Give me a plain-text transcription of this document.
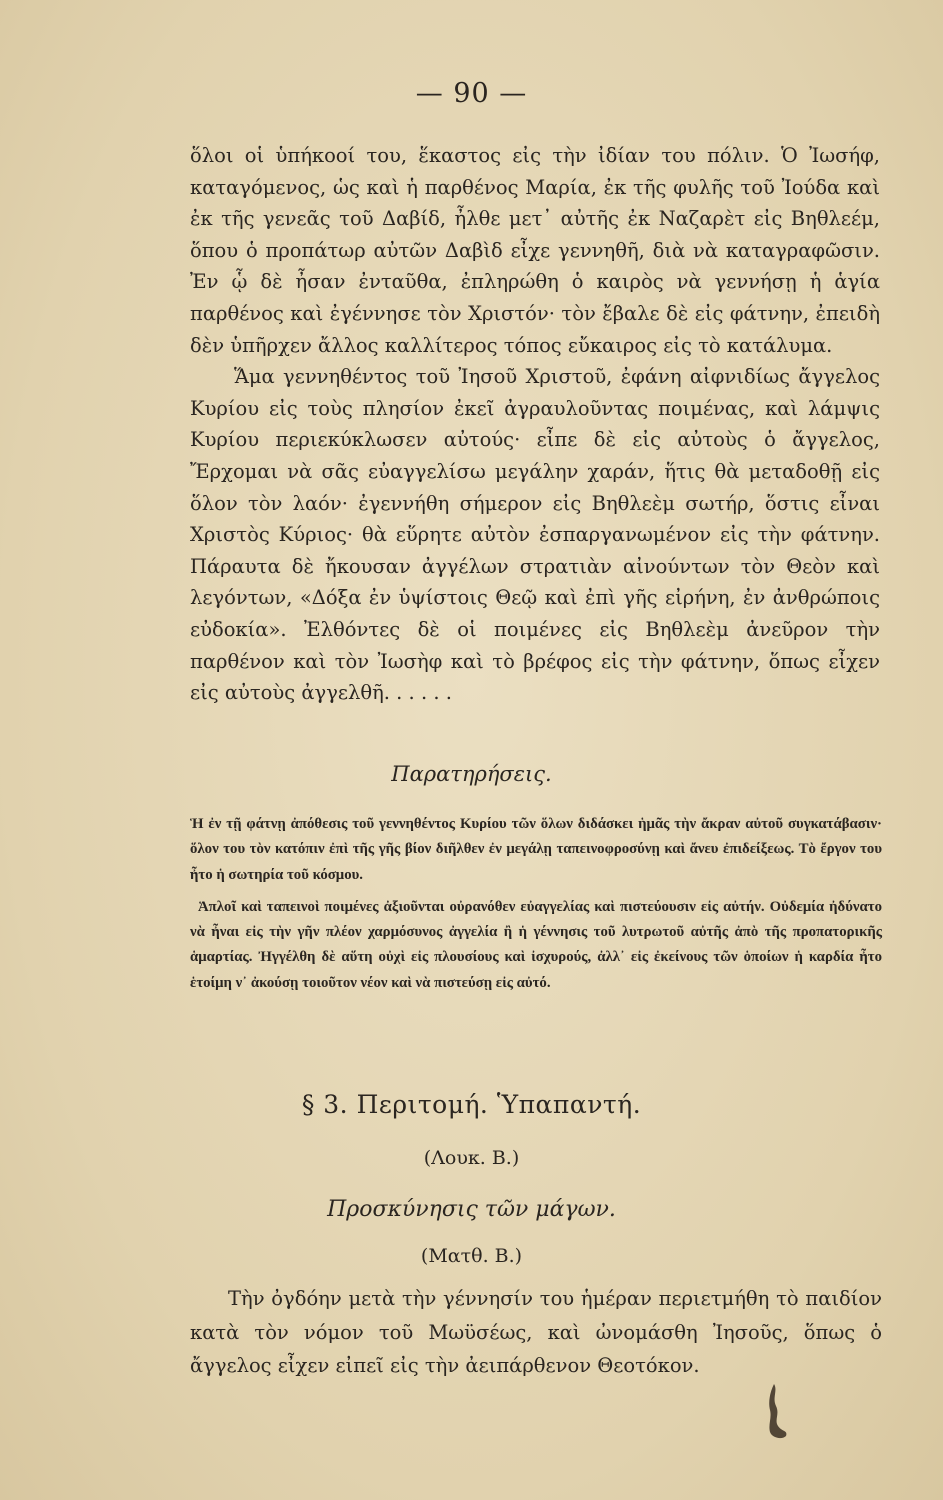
— 90 —

ὅλοι οἱ ὑπήκοοί του, ἕκαστος εἰς τὴν ἰδίαν του πόλιν. Ὁ Ἰωσήφ, καταγόμενος, ὡς καὶ ἡ παρθένος Μαρία, ἐκ τῆς φυλῆς τοῦ Ἰούδα καὶ ἐκ τῆς γενεᾶς τοῦ Δαβίδ, ἦλθε μετ᾽ αὐτῆς ἐκ Ναζαρὲτ εἰς Βηθλεέμ, ὅπου ὁ προπάτωρ αὐτῶν Δαβὶδ εἶχε γεννηθῆ, διὰ νὰ καταγραφῶσιν. Ἐν ᾧ δὲ ἦσαν ἐνταῦθα, ἐπληρώθη ὁ καιρὸς νὰ γεννήσῃ ἡ ἁγία παρθένος καὶ ἐγέννησε τὸν Χριστόν· τὸν ἔβαλε δὲ εἰς φάτνην, ἐπειδὴ δὲν ὑπῆρχεν ἄλλος καλλίτερος τόπος εὔκαιρος εἰς τὸ κατάλυμα.

Ἅμα γεννηθέντος τοῦ Ἰησοῦ Χριστοῦ, ἐφάνη αἰφνιδίως ἄγγελος Κυρίου εἰς τοὺς πλησίον ἐκεῖ ἀγραυλοῦντας ποιμένας, καὶ λάμψις Κυρίου περιεκύκλωσεν αὐτούς· εἶπε δὲ εἰς αὐτοὺς ὁ ἄγγελος, Ἔρχομαι νὰ σᾶς εὐαγγελίσω μεγάλην χαράν, ἥτις θὰ μεταδοθῇ εἰς ὅλον τὸν λαόν· ἐγεννήθη σήμερον εἰς Βηθλεὲμ σωτήρ, ὅστις εἶναι Χριστὸς Κύριος· θὰ εὕρητε αὐτὸν ἐσπαργανωμένον εἰς τὴν φάτνην. Πάραυτα δὲ ἤκουσαν ἀγγέλων στρατιὰν αἰνούντων τὸν Θεὸν καὶ λεγόντων, «Δόξα ἐν ὑψίστοις Θεῷ καὶ ἐπὶ γῆς εἰρήνη, ἐν ἀνθρώποις εὐδοκία». Ἐλθόντες δὲ οἱ ποιμένες εἰς Βηθλεὲμ ἀνεῦρον τὴν παρθένον καὶ τὸν Ἰωσὴφ καὶ τὸ βρέφος εἰς τὴν φάτνην, ὅπως εἶχεν εἰς αὐτοὺς ἀγγελθῆ. . . . . .

Παρατηρήσεις.

Ἡ ἐν τῇ φάτνῃ ἀπόθεσις τοῦ γεννηθέντος Κυρίου τῶν ὅλων διδάσκει ἡμᾶς τὴν ἄκραν αὐτοῦ συγκατάβασιν· ὅλον του τὸν κατόπιν ἐπὶ τῆς γῆς βίον διῆλθεν ἐν μεγάλῃ ταπεινοφροσύνῃ καὶ ἄνευ ἐπιδείξεως. Τὸ ἔργον του ἦτο ἡ σωτηρία τοῦ κόσμου.

Ἁπλοῖ καὶ ταπεινοὶ ποιμένες ἀξιοῦνται οὐρανόθεν εὐαγγελίας καὶ πιστεύουσιν εἰς αὐτήν. Οὐδεμία ἠδύνατο νὰ ἦναι εἰς τὴν γῆν πλέον χαρμόσυνος ἀγγελία ἢ ἡ γέννησις τοῦ λυτρωτοῦ αὐτῆς ἀπὸ τῆς προπατορικῆς ἁμαρτίας. Ἠγγέλθη δὲ αὕτη οὐχὶ εἰς πλουσίους καὶ ἰσχυρούς, ἀλλ᾽ εἰς ἐκείνους τῶν ὁποίων ἡ καρδία ἦτο ἑτοίμη ν᾽ ἀκούσῃ τοιοῦτον νέον καὶ νὰ πιστεύσῃ εἰς αὐτό.

§ 3. Περιτομή. Ὑπαπαντή.
(Λουκ. Β.)
Προσκύνησις τῶν μάγων.
(Ματθ. Β.)

Τὴν ὀγδόην μετὰ τὴν γέννησίν του ἡμέραν περιετμήθη τὸ παιδίον κατὰ τὸν νόμον τοῦ Μωϋσέως, καὶ ὠνομάσθη Ἰησοῦς, ὅπως ὁ ἄγγελος εἶχεν εἰπεῖ εἰς τὴν ἀειπάρθενον Θεοτόκον.
